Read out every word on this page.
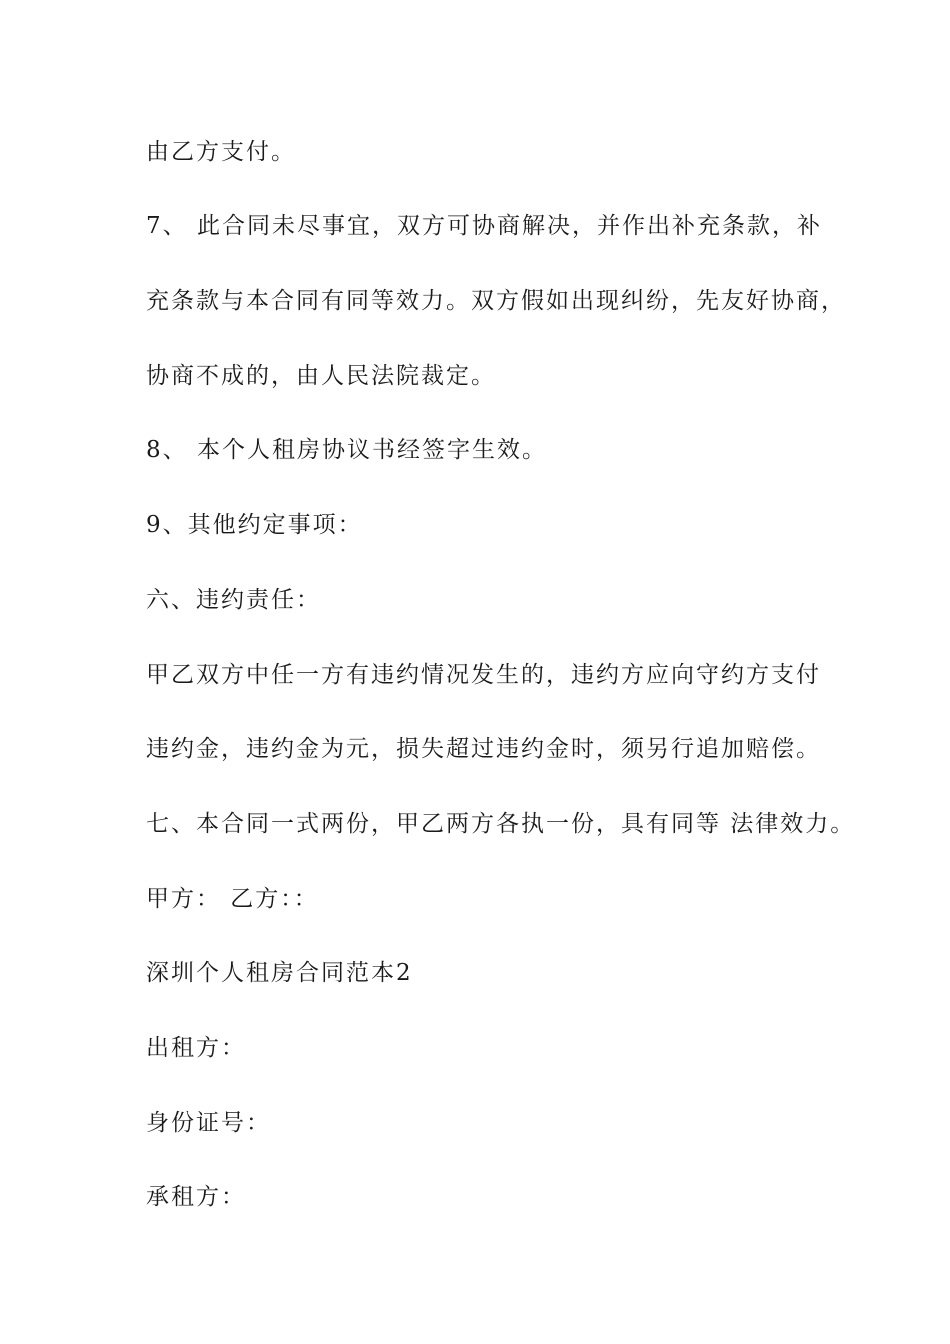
由乙方支付。

7、 此合同未尽事宜，双方可协商解决，并作出补充条款，补

充条款与本合同有同等效力。双方假如出现纠纷，先友好协商，

协商不成的，由人民法院裁定。

8、 本个人租房协议书经签字生效。

9、其他约定事项：

六、违约责任：

甲乙双方中任一方有违约情况发生的，违约方应向守约方支付

违约金，违约金为元，损失超过违约金时，须另行追加赔偿。

七、本合同一式两份，甲乙两方各执一份，具有同等 法律效力。

甲方： 乙方：：

深圳个人租房合同范本2

出租方：

身份证号：

承租方：
